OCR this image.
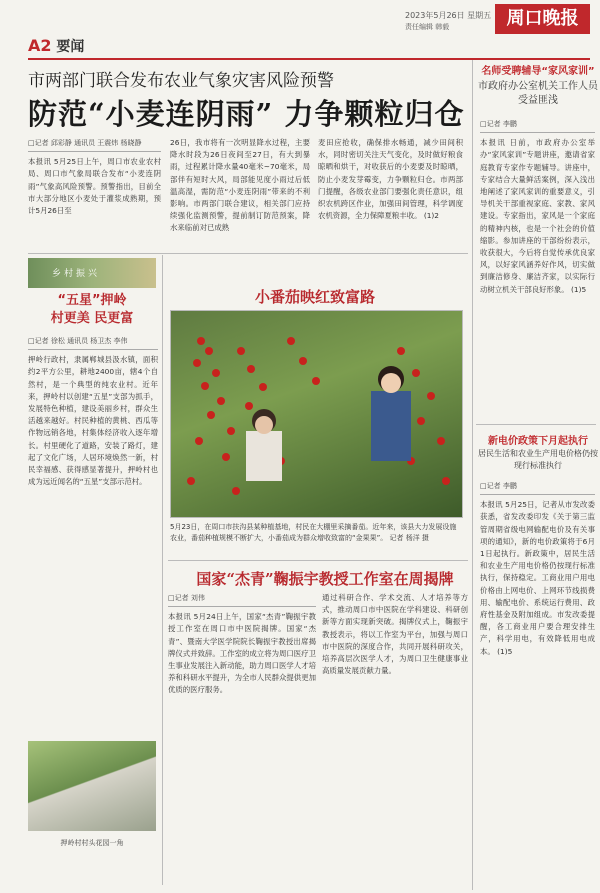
A2 要闻
2023年5月26日 星期五
责任编辑 韩毅	周口晚报
市两部门联合发布农业气象灾害风险预警
防范“小麦连阴雨” 力争颗粒归仓
□记者 邱彩静 通讯员 王震炜 杨晓静
本报讯 5月25日上午，周口市农业农村局、周口市气象局联合发布“小麦连阴雨”气象高风险预警。预警指出，目前全市大部分地区小麦处于灌浆成熟期，预计5月26日至
26日，我市将有一次明显降水过程，主要降水时段为26日夜间至27日，有大到暴雨，过程累计降水量40毫米~70毫米，局部伴有短时大风，局部能见度小雨过后低温高湿，需防范“小麦连阴雨”带来的不利影响。市两部门联合建议，相关部门应持续强化监测预警，提前制订防范预案，降水来临前对已成熟
麦田应抢收，确保排水畅通，减少田间积水，同时密切关注天气变化，及时做好粮食晾晒和烘干，对收获后的小麦要及时晾晒，防止小麦发芽霉变，力争颗粒归仓。市两部门提醒，各级农业部门要强化责任意识，组织农机跨区作业，加强田间管理，科学调度农机资源，全力保障夏粮丰收。 (1)2
名师受聘辅导“家风家训”
市政府办公室机关工作人员受益匪浅
□记者 李鹏
本报讯 日前，市政府办公室举办“家风家训”专题讲座，邀请省家庭教育专家作专题辅导。讲座中，专家结合大量鲜活案例，深入浅出地阐述了家风家训的重要意义，引导机关干部重视家庭、家教、家风建设。专家指出，家风是一个家庭的精神内核，也是一个社会的价值缩影。参加讲座的干部纷纷表示，收获很大，今后将自觉传承优良家风，以好家风涵养好作风，切实做到廉洁修身、廉洁齐家，以实际行动树立机关干部良好形象。 (1)5
乡村振兴
“五星”押岭
村更美 民更富
□记者 徐松 通讯员 杨卫杰 李伟
押岭行政村，隶属郸城县汲水镇，面积约2平方公里，耕地2400亩，辖4个自然村，是一个典型的纯农业村。近年来，押岭村以创建“五星”支部为抓手，发展特色种植，建设美丽乡村，群众生活越来越好。村民种植的黄桃、西瓜等作物远销各地，村集体经济收入逐年增长。村里硬化了道路，安装了路灯，建起了文化广场，人居环境焕然一新，村民幸福感、获得感显著提升，押岭村也成为远近闻名的“五星”支部示范村。
押岭村村头花园一角
小番茄映红致富路
5月23日，在周口市扶沟县某种植基地，村民在大棚里采摘番茄。近年来，该县大力发展设施农业，番茄种植规模不断扩大，小番茄成为群众增收致富的“金果果”。 记者 杨洋 摄
国家“杰青”鞠振宇教授工作室在周揭牌
□记者 刘伟
本报讯 5月24日上午，国家“杰青”鞠振宇教授工作室在周口市中医院揭牌。国家“杰青”、暨南大学医学院院长鞠振宇教授出席揭牌仪式并致辞。工作室的成立将为周口医疗卫生事业发展注入新动能，助力周口医学人才培养和科研水平提升，为全市人民群众提供更加优质的医疗服务。
通过科研合作、学术交流、人才培养等方式，推动周口市中医院在学科建设、科研创新等方面实现新突破。揭牌仪式上，鞠振宇教授表示，将以工作室为平台，加强与周口市中医院的深度合作，共同开展科研攻关，培养高层次医学人才，为周口卫生健康事业高质量发展贡献力量。
新电价政策下月起执行
居民生活和农业生产用电价格仍按现行标准执行
□记者 李鹏
本报讯 5月25日，记者从市发改委获悉，省发改委印发《关于第三监管周期省级电网输配电价及有关事项的通知》，新的电价政策将于6月1日起执行。新政策中，居民生活和农业生产用电价格仍按现行标准执行，保持稳定。工商业用户用电价格由上网电价、上网环节线损费用、输配电价、系统运行费用、政府性基金及附加组成。市发改委提醒，各工商业用户要合理安排生产，科学用电，有效降低用电成本。 (1)5
